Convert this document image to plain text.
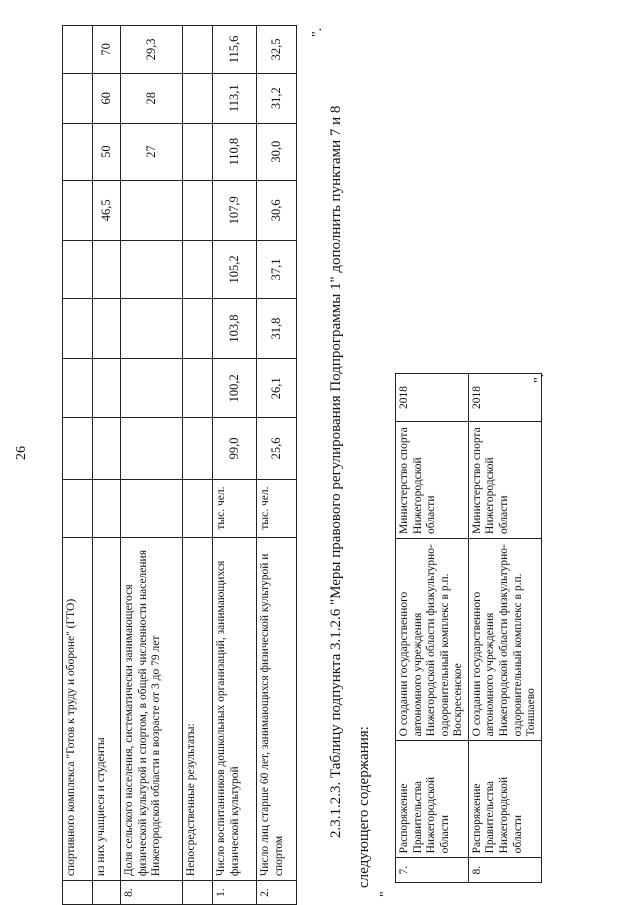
26
	спортивного комплекса "Готов к труду и обороне" (ГТО)									
	из них учащиеся и студенты						46,5	50	60	70
8.	Доля сельского населения, систематически занимающегося физической культурой и спортом, в общей численности населения Нижегородской области в возрасте от 3 до 79 лет							27	28	29,3
	Непосредственные результаты:									
1.	Число воспитанников дошкольных организаций, занимающихся физической культурой	тыс. чел.	99,0	100,2	103,8	105,2	107,9	110,8	113,1	115,6
2.	Число лиц старше 60 лет, занимающихся физической культурой и спортом	тыс. чел.	25,6	26,1	31,8	37,1	30,6	30,0	31,2	32,5
".
2.3.1.2.3. Таблицу подпункта 3.1.2.6 "Меры правового регулирования Подпрограммы 1" дополнить пунктами 7 и 8 следующего содержания:
"
7.	Распоряжение Правительства Нижегородской области	О создании государственного автономного учреждения Нижегородской области физкультурно-оздоровительный комплекс в р.п. Воскресенское	Министерство спорта Нижегородской области	2018
8.	Распоряжение Правительства Нижегородской области	О создании государственного автономного учреждения Нижегородской области физкультурно-оздоровительный комплекс в р.п. Тоншаево	Министерство спорта Нижегородской области	2018
".
